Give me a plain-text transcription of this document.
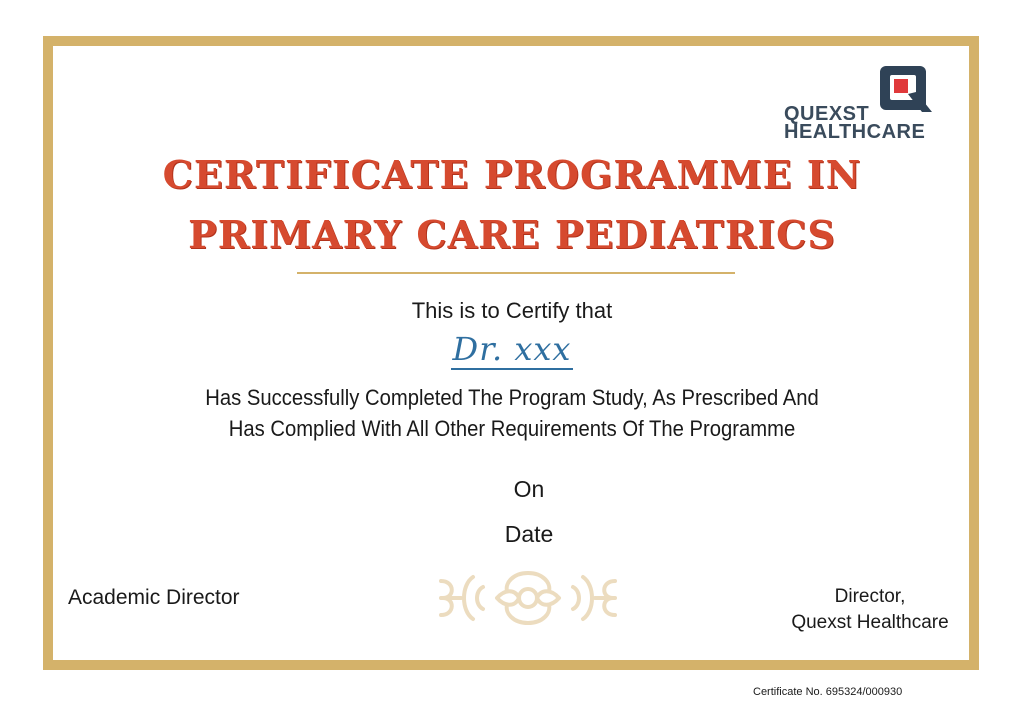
QUEXST
HEALTHCARE
CERTIFICATE PROGRAMME IN
PRIMARY CARE PEDIATRICS
This is to Certify that
Dr. xxx
Has Successfully Completed The Program Study, As Prescribed And
Has Complied With All Other Requirements Of The Programme
On
Date
Academic Director	Director,
Quexst Healthcare
Certificate No. 695324/000930
